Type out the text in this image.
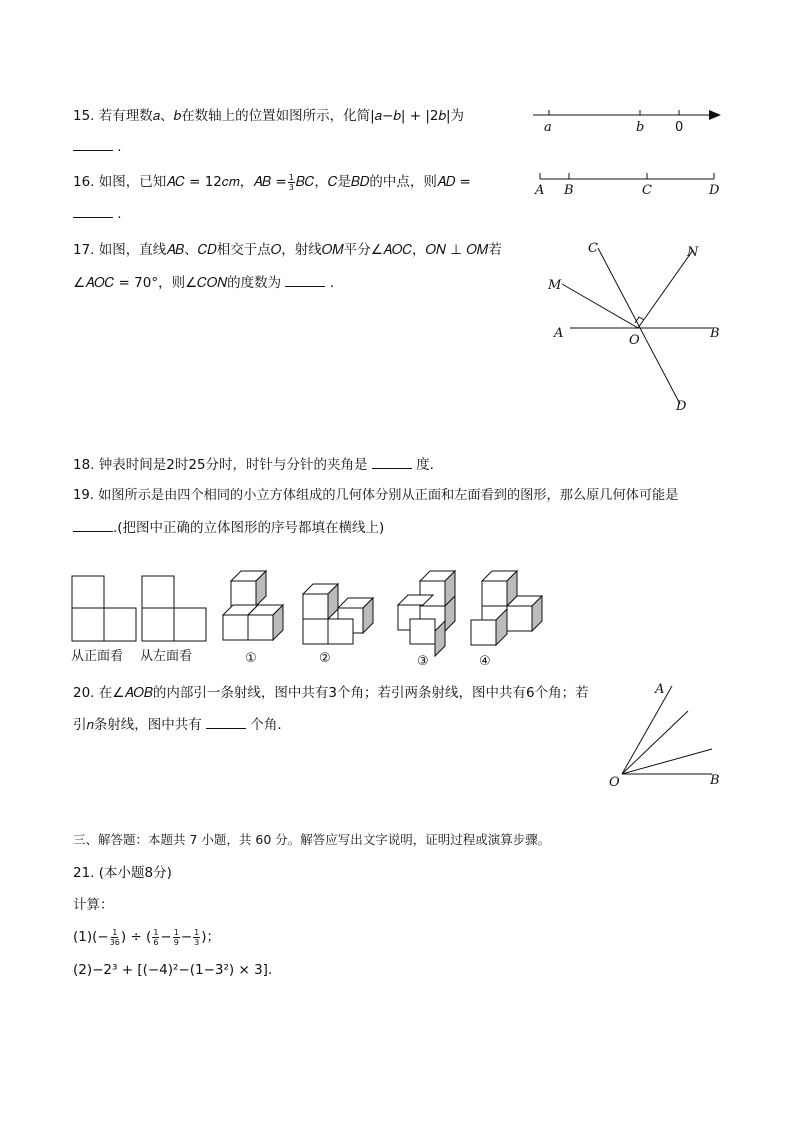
15. 若有理数𝑎、𝑏在数轴上的位置如图所示，化简|𝑎−𝑏| + |2𝑏|为
.
a	b 0
16. 如图，已知𝐴𝐶 = 12𝑐𝑚，𝐴𝐵 = $\frac{1}{3}$ 𝐵𝐶，𝐶是𝐵𝐷的中点，则𝐴𝐷 =
.
A B	C	D
17. 如图，直线𝐴𝐵、𝐶𝐷相交于点𝑂，射线𝑂𝑀平分∠𝐴𝑂𝐶，𝑂𝑁 ⊥ 𝑂𝑀若
∠𝐴𝑂𝐶 = 70°，则∠𝐶𝑂𝑁的度数为	.
C	N
M
A	O	B
D
18. 钟表时间是2时25分时，时针与分针的夹角是	度.
19. 如图所示是由四个相同的小立方体组成的几何体分别从正面和左面看到的图形，那么原几何体可能是
.(把图中正确的立体图形的序号都填在横线上)
从正面看 从左面看	①	②	③	④
20. 在∠𝐴𝑂𝐵的内部引一条射线，图中共有3个角；若引两条射线，图中共有6个角；若
引𝑛条射线，图中共有	个角.
A
O	B
三、解答题：本题共 7 小题，共 60 分。解答应写出文字说明，证明过程或演算步骤。
21. (本小题8分)
计算：
$(1)(- \frac{1}{36}$ ) ÷ ( $\frac{1}{6} - \frac{1}{9} - \frac{1}{3}$ )；
(2)−2³ + [(−4)²−(1−3²) × 3].
